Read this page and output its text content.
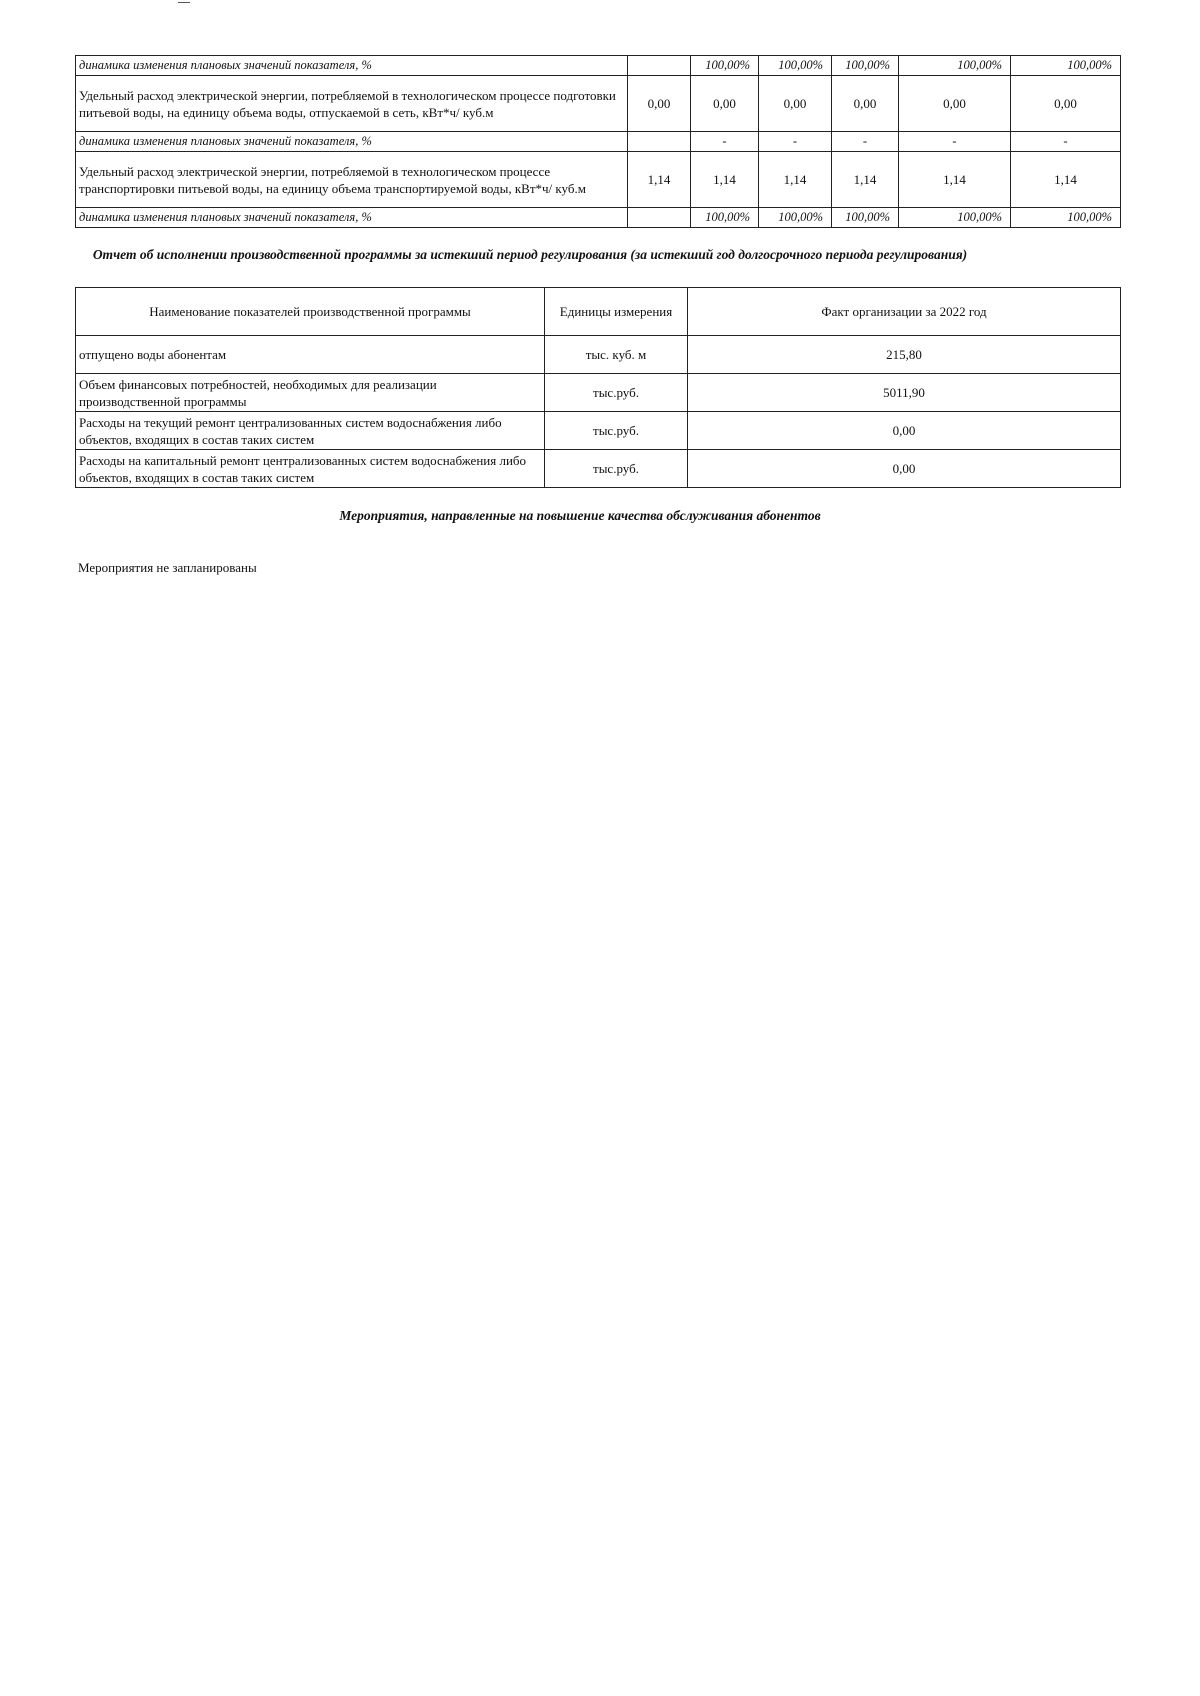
динамика изменения плановых значений показателя, %		100,00%	100,00%	100,00%	100,00%	100,00%
Удельный расход электрической энергии, потребляемой в технологическом процессе подготовки питьевой воды, на единицу объема воды, отпускаемой в сеть, кВт*ч/ куб.м	0,00	0,00	0,00	0,00	0,00	0,00
динамика изменения плановых значений показателя, %		-	-	-	-	-
Удельный расход электрической энергии, потребляемой в технологическом процессе транспортировки питьевой воды, на единицу объема транспортируемой воды, кВт*ч/ куб.м	1,14	1,14	1,14	1,14	1,14	1,14
динамика изменения плановых значений показателя, %		100,00%	100,00%	100,00%	100,00%	100,00%
Отчет об исполнении производственной программы за истекший период регулирования (за истекший год долгосрочного периода регулирования)
Наименование показателей производственной программы	Единицы измерения	Факт организации за 2022 год
отпущено воды абонентам	тыс. куб. м	215,80
Объем финансовых потребностей, необходимых для реализации производственной программы	тыс.руб.	5011,90
Расходы на текущий ремонт централизованных систем водоснабжения либо объектов, входящих в состав таких систем	тыс.руб.	0,00
Расходы на капитальный ремонт централизованных систем водоснабжения либо объектов, входящих в состав таких систем	тыс.руб.	0,00
Мероприятия, направленные на повышение качества обслуживания абонентов
Мероприятия не запланированы
